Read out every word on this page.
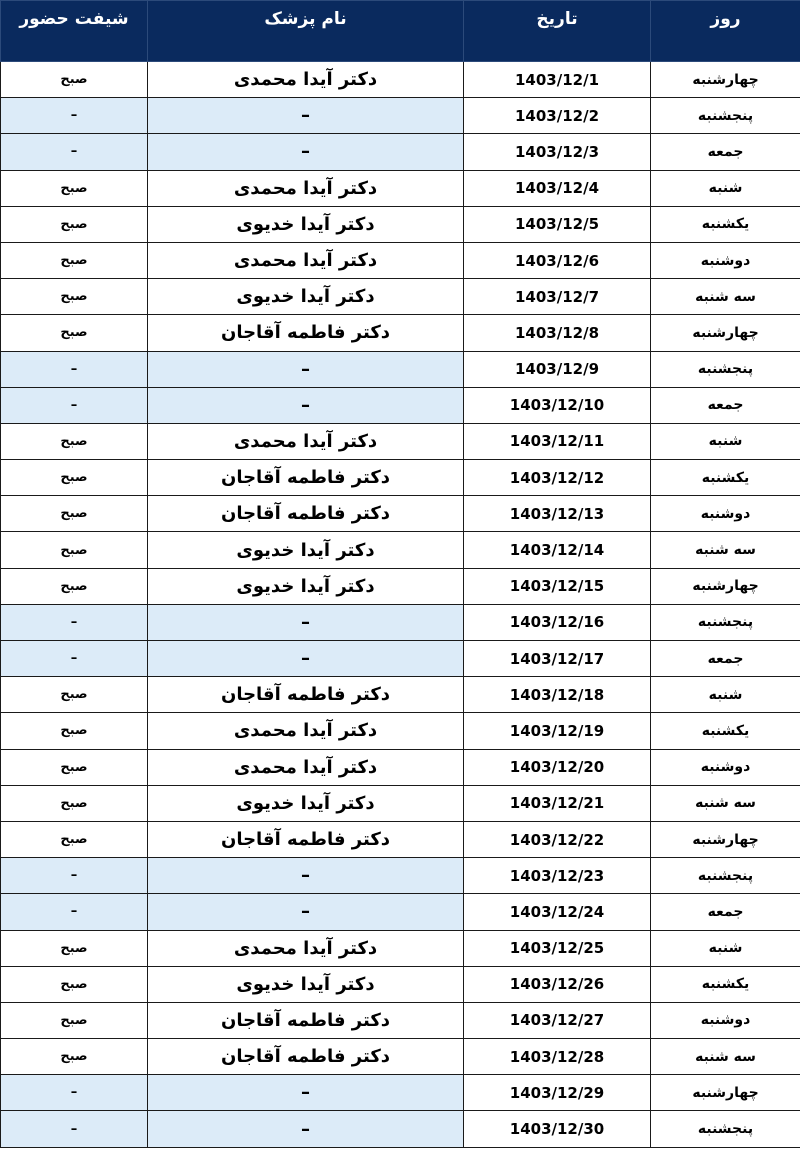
روز	تاریخ	نام پزشک	شیفت حضور
چهارشنبه	1403/12/1	دکتر آیدا محمدی	صبح
پنجشنبه	1403/12/2	–	–
جمعه	1403/12/3	–	–
شنبه	1403/12/4	دکتر آیدا محمدی	صبح
یکشنبه	1403/12/5	دکتر آیدا خدیوی	صبح
دوشنبه	1403/12/6	دکتر آیدا محمدی	صبح
سه شنبه	1403/12/7	دکتر آیدا خدیوی	صبح
چهارشنبه	1403/12/8	دکتر فاطمه آقاجان	صبح
پنجشنبه	1403/12/9	–	–
جمعه	1403/12/10	–	–
شنبه	1403/12/11	دکتر آیدا محمدی	صبح
یکشنبه	1403/12/12	دکتر فاطمه آقاجان	صبح
دوشنبه	1403/12/13	دکتر فاطمه آقاجان	صبح
سه شنبه	1403/12/14	دکتر آیدا خدیوی	صبح
چهارشنبه	1403/12/15	دکتر آیدا خدیوی	صبح
پنجشنبه	1403/12/16	–	–
جمعه	1403/12/17	–	–
شنبه	1403/12/18	دکتر فاطمه آقاجان	صبح
یکشنبه	1403/12/19	دکتر آیدا محمدی	صبح
دوشنبه	1403/12/20	دکتر آیدا محمدی	صبح
سه شنبه	1403/12/21	دکتر آیدا خدیوی	صبح
چهارشنبه	1403/12/22	دکتر فاطمه آقاجان	صبح
پنجشنبه	1403/12/23	–	–
جمعه	1403/12/24	–	–
شنبه	1403/12/25	دکتر آیدا محمدی	صبح
یکشنبه	1403/12/26	دکتر آیدا خدیوی	صبح
دوشنبه	1403/12/27	دکتر فاطمه آقاجان	صبح
سه شنبه	1403/12/28	دکتر فاطمه آقاجان	صبح
چهارشنبه	1403/12/29	–	–
پنجشنبه	1403/12/30	–	–
